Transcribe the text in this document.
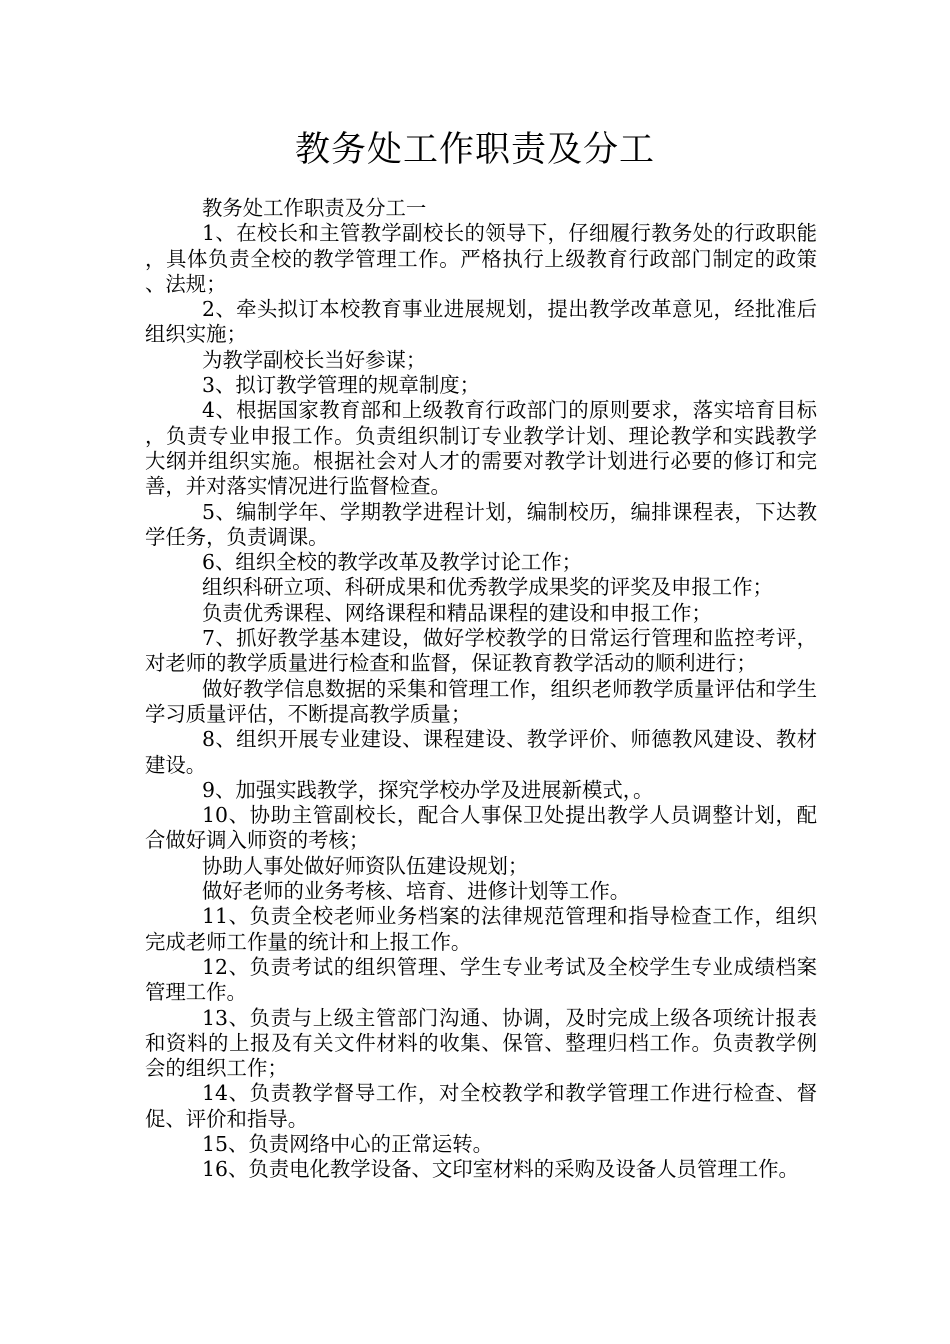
教务处工作职责及分工

教务处工作职责及分工一

1、在校长和主管教学副校长的领导下，仔细履行教务处的行政职能，具体负责全校的教学管理工作。严格执行上级教育行政部门制定的政策、法规；

2、牵头拟订本校教育事业进展规划，提出教学改革意见，经批准后组织实施；

为教学副校长当好参谋；

3、拟订教学管理的规章制度；

4、根据国家教育部和上级教育行政部门的原则要求，落实培育目标，负责专业申报工作。负责组织制订专业教学计划、理论教学和实践教学大纲并组织实施。根据社会对人才的需要对教学计划进行必要的修订和完善，并对落实情况进行监督检查。

5、编制学年、学期教学进程计划，编制校历，编排课程表，下达教学任务，负责调课。

6、组织全校的教学改革及教学讨论工作；

组织科研立项、科研成果和优秀教学成果奖的评奖及申报工作；

负责优秀课程、网络课程和精品课程的建设和申报工作；

7、抓好教学基本建设，做好学校教学的日常运行管理和监控考评，对老师的教学质量进行检查和监督，保证教育教学活动的顺利进行；

做好教学信息数据的采集和管理工作，组织老师教学质量评估和学生学习质量评估，不断提高教学质量；

8、组织开展专业建设、课程建设、教学评价、师德教风建设、教材建设。

9、加强实践教学，探究学校办学及进展新模式，。

10、协助主管副校长，配合人事保卫处提出教学人员调整计划，配合做好调入师资的考核；

协助人事处做好师资队伍建设规划；

做好老师的业务考核、培育、进修计划等工作。

11、负责全校老师业务档案的法律规范管理和指导检查工作，组织完成老师工作量的统计和上报工作。

12、负责考试的组织管理、学生专业考试及全校学生专业成绩档案管理工作。

13、负责与上级主管部门沟通、协调，及时完成上级各项统计报表和资料的上报及有关文件材料的收集、保管、整理归档工作。负责教学例会的组织工作；

14、负责教学督导工作，对全校教学和教学管理工作进行检查、督促、评价和指导。

15、负责网络中心的正常运转。

16、负责电化教学设备、文印室材料的采购及设备人员管理工作。
